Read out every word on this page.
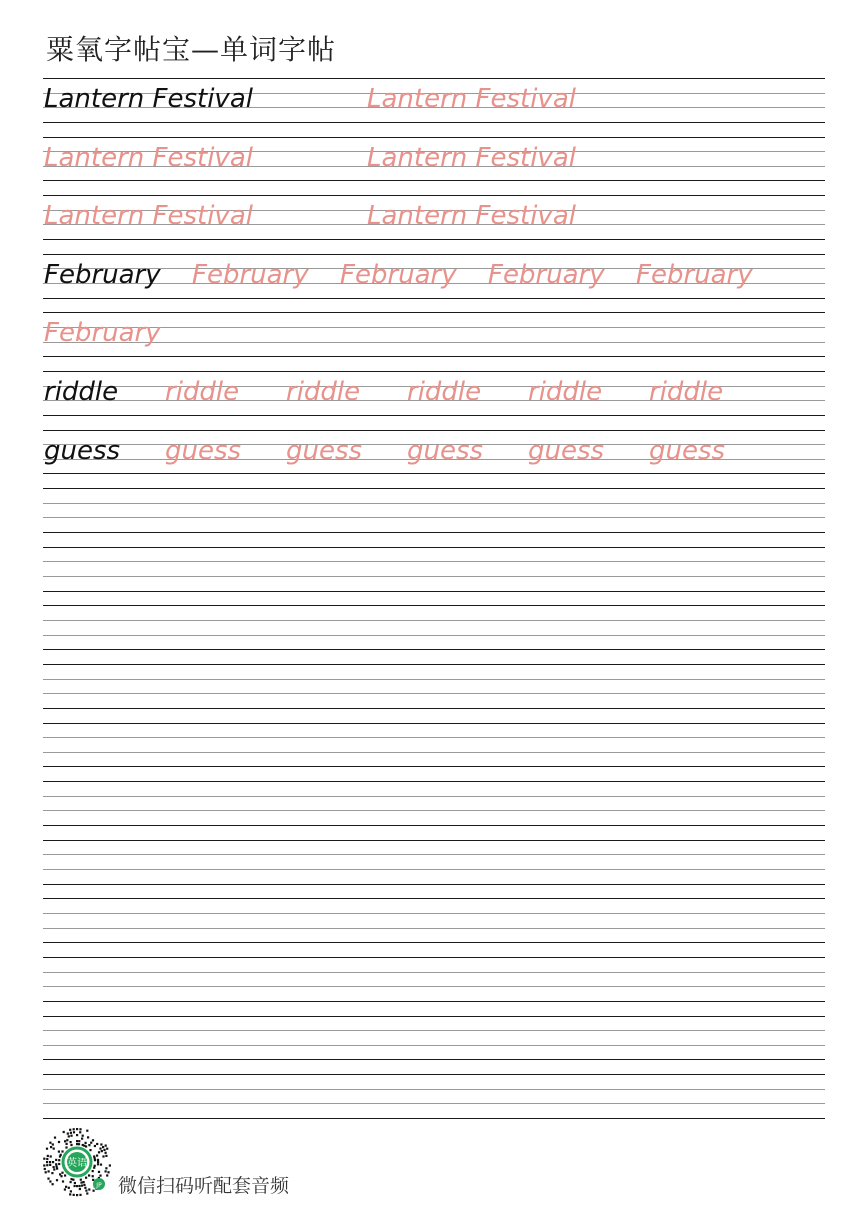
粟氧字帖宝—单词字帖
Lantern Festival	Lantern Festival
Lantern Festival	Lantern Festival
Lantern Festival	Lantern Festival
February February February February February
February
riddle riddle riddle riddle riddle riddle
guess guess guess guess guess guess
英语
JP 微信扫码听配套音频
